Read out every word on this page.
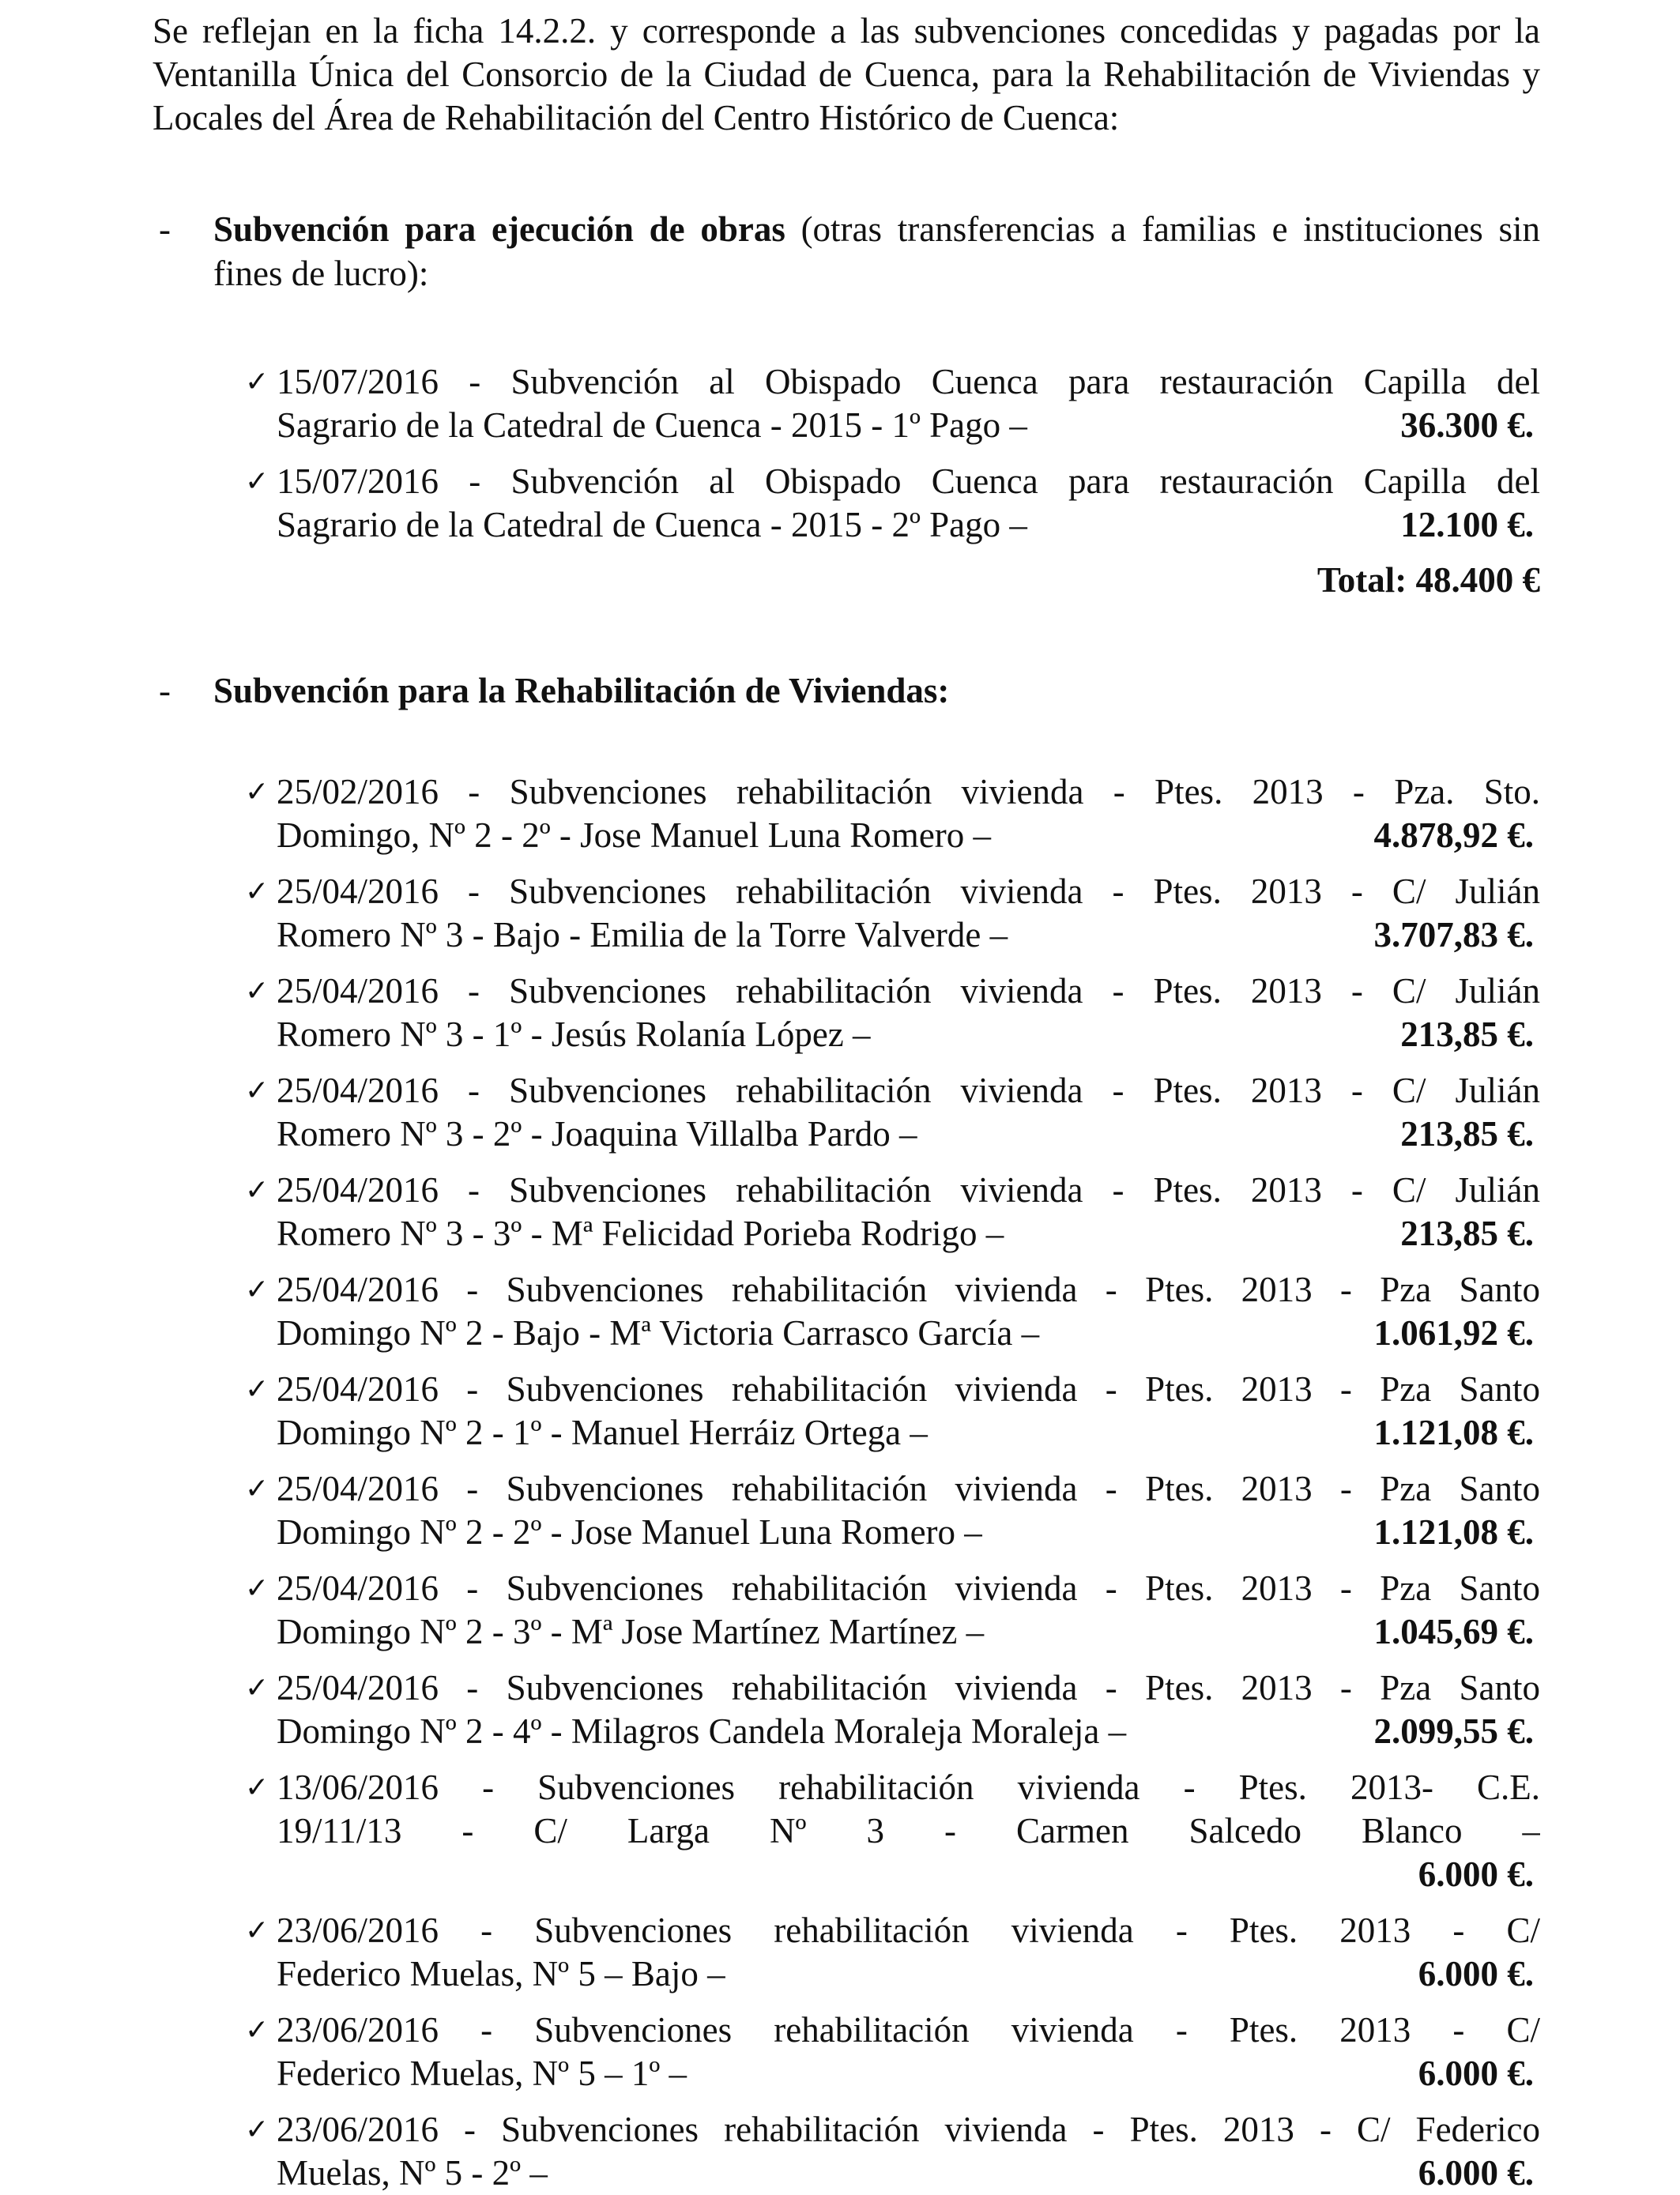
Se reflejan en la ficha 14.2.2. y corresponde a las subvenciones concedidas y pagadas por la Ventanilla Única del Consorcio de la Ciudad de Cuenca, para la Rehabilitación de Viviendas y Locales del Área de Rehabilitación del Centro Histórico de Cuenca:

- Subvención para ejecución de obras (otras transferencias a familias e instituciones sin fines de lucro):
✓ 15/07/2016 - Subvención al Obispado Cuenca para restauración Capilla del
Sagrario de la Catedral de Cuenca - 2015 - 1º Pago –	36.300 €.
✓ 15/07/2016 - Subvención al Obispado Cuenca para restauración Capilla del
Sagrario de la Catedral de Cuenca - 2015 - 2º Pago –	12.100 €.
Total: 48.400 €
- Subvención para la Rehabilitación de Viviendas:
✓ 25/02/2016 - Subvenciones rehabilitación vivienda - Ptes. 2013 - Pza. Sto.
Domingo, Nº 2 - 2º - Jose Manuel Luna Romero –	4.878,92 €.
✓ 25/04/2016 - Subvenciones rehabilitación vivienda - Ptes. 2013 - C/ Julián
Romero Nº 3 - Bajo - Emilia de la Torre Valverde –	3.707,83 €.
✓ 25/04/2016 - Subvenciones rehabilitación vivienda - Ptes. 2013 - C/ Julián
Romero Nº 3 - 1º - Jesús Rolanía López –	213,85 €.
✓ 25/04/2016 - Subvenciones rehabilitación vivienda - Ptes. 2013 - C/ Julián
Romero Nº 3 - 2º - Joaquina Villalba Pardo –	213,85 €.
✓ 25/04/2016 - Subvenciones rehabilitación vivienda - Ptes. 2013 - C/ Julián
Romero Nº 3 - 3º - Mª Felicidad Porieba Rodrigo –	213,85 €.
✓ 25/04/2016 - Subvenciones rehabilitación vivienda - Ptes. 2013 - Pza Santo
Domingo Nº 2 - Bajo - Mª Victoria Carrasco García –	1.061,92 €.
✓ 25/04/2016 - Subvenciones rehabilitación vivienda - Ptes. 2013 - Pza Santo
Domingo Nº 2 - 1º - Manuel Herráiz Ortega –	1.121,08 €.
✓ 25/04/2016 - Subvenciones rehabilitación vivienda - Ptes. 2013 - Pza Santo
Domingo Nº 2 - 2º - Jose Manuel Luna Romero –	1.121,08 €.
✓ 25/04/2016 - Subvenciones rehabilitación vivienda - Ptes. 2013 - Pza Santo
Domingo Nº 2 - 3º - Mª Jose Martínez Martínez –	1.045,69 €.
✓ 25/04/2016 - Subvenciones rehabilitación vivienda - Ptes. 2013 - Pza Santo
Domingo Nº 2 - 4º - Milagros Candela Moraleja Moraleja –	2.099,55 €.
✓ 13/06/2016 - Subvenciones rehabilitación vivienda - Ptes. 2013- C.E.
19/11/13 - C/ Larga Nº 3 - Carmen Salcedo Blanco –
6.000 €.
✓ 23/06/2016 - Subvenciones rehabilitación vivienda - Ptes. 2013 - C/
Federico Muelas, Nº 5 – Bajo –	6.000 €.
✓ 23/06/2016 - Subvenciones rehabilitación vivienda - Ptes. 2013 - C/
Federico Muelas, Nº 5 – 1º –	6.000 €.
✓ 23/06/2016 - Subvenciones rehabilitación vivienda - Ptes. 2013 - C/ Federico
Muelas, Nº 5 - 2º –	6.000 €.
